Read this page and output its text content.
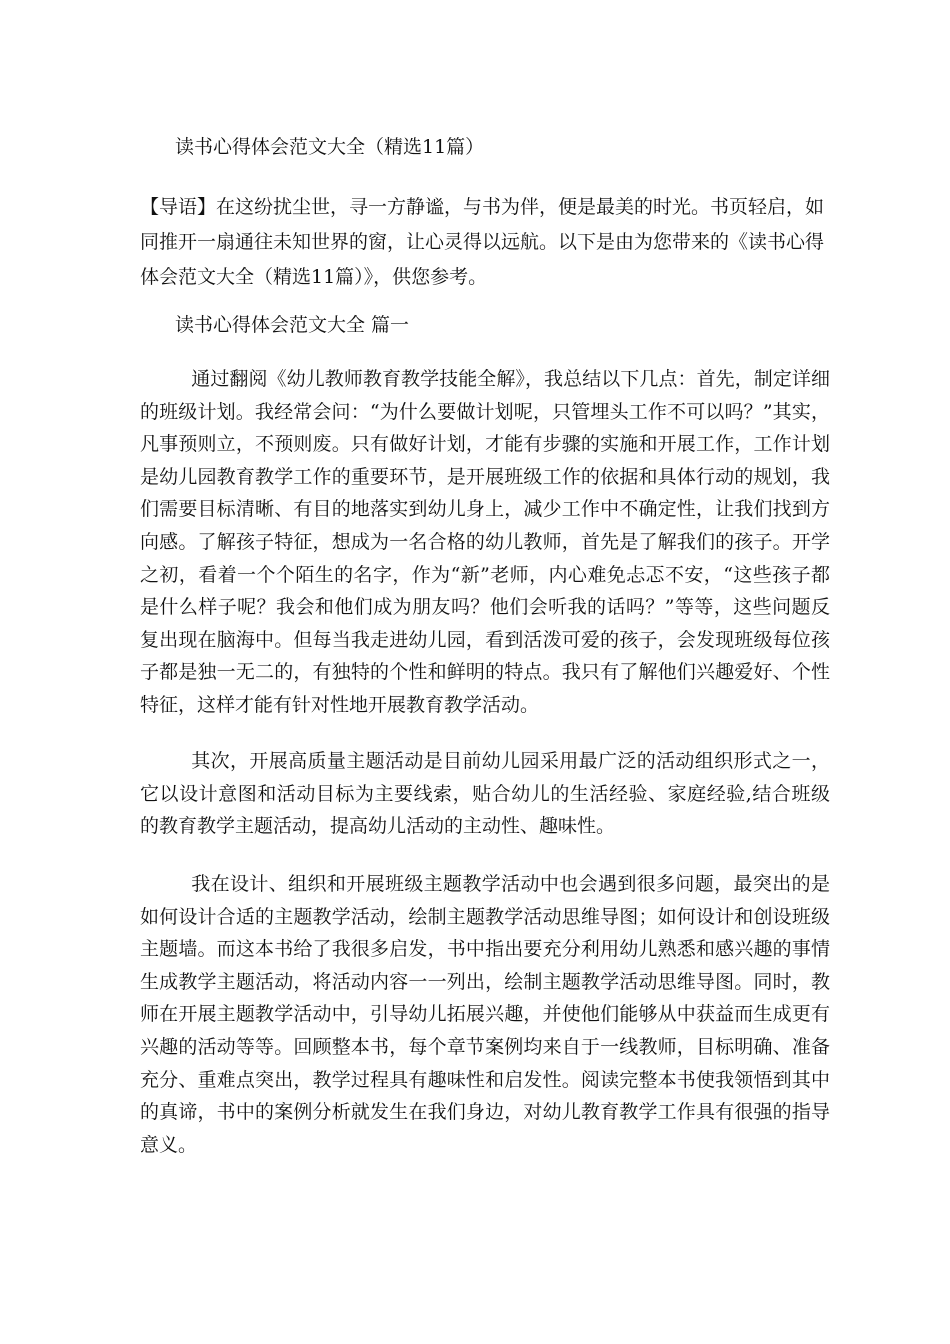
读书心得体会范文大全（精选11篇）
【导语】在这纷扰尘世，寻一方静谧，与书为伴，便是最美的时光。书页轻启，如同推开一扇通往未知世界的窗，让心灵得以远航。以下是由为您带来的《读书心得体会范文大全（精选11篇）》，供您参考。
读书心得体会范文大全 篇一

通过翻阅《幼儿教师教育教学技能全解》，我总结以下几点：首先，制定详细的班级计划。我经常会问：“为什么要做计划呢，只管埋头工作不可以吗？”其实，凡事预则立，不预则废。只有做好计划，才能有步骤的实施和开展工作，工作计划是幼儿园教育教学工作的重要环节，是开展班级工作的依据和具体行动的规划，我们需要目标清晰、有目的地落实到幼儿身上，减少工作中不确定性，让我们找到方向感。了解孩子特征，想成为一名合格的幼儿教师，首先是了解我们的孩子。开学之初，看着一个个陌生的名字，作为“新”老师，内心难免忐忑不安，“这些孩子都是什么样子呢？我会和他们成为朋友吗？他们会听我的话吗？”等等，这些问题反复出现在脑海中。但每当我走进幼儿园，看到活泼可爱的孩子，会发现班级每位孩子都是独一无二的，有独特的个性和鲜明的特点。我只有了解他们兴趣爱好、个性特征，这样才能有针对性地开展教育教学活动。

其次，开展高质量主题活动是目前幼儿园采用最广泛的活动组织形式之一，它以设计意图和活动目标为主要线索，贴合幼儿的生活经验、家庭经验,结合班级的教育教学主题活动，提高幼儿活动的主动性、趣味性。

我在设计、组织和开展班级主题教学活动中也会遇到很多问题，最突出的是如何设计合适的主题教学活动，绘制主题教学活动思维导图；如何设计和创设班级主题墙。而这本书给了我很多启发，书中指出要充分利用幼儿熟悉和感兴趣的事情生成教学主题活动，将活动内容一一列出，绘制主题教学活动思维导图。同时，教师在开展主题教学活动中，引导幼儿拓展兴趣，并使他们能够从中获益而生成更有兴趣的活动等等。回顾整本书，每个章节案例均来自于一线教师，目标明确、准备充分、重难点突出，教学过程具有趣味性和启发性。阅读完整本书使我领悟到其中的真谛，书中的案例分析就发生在我们身边，对幼儿教育教学工作具有很强的指导意义。
